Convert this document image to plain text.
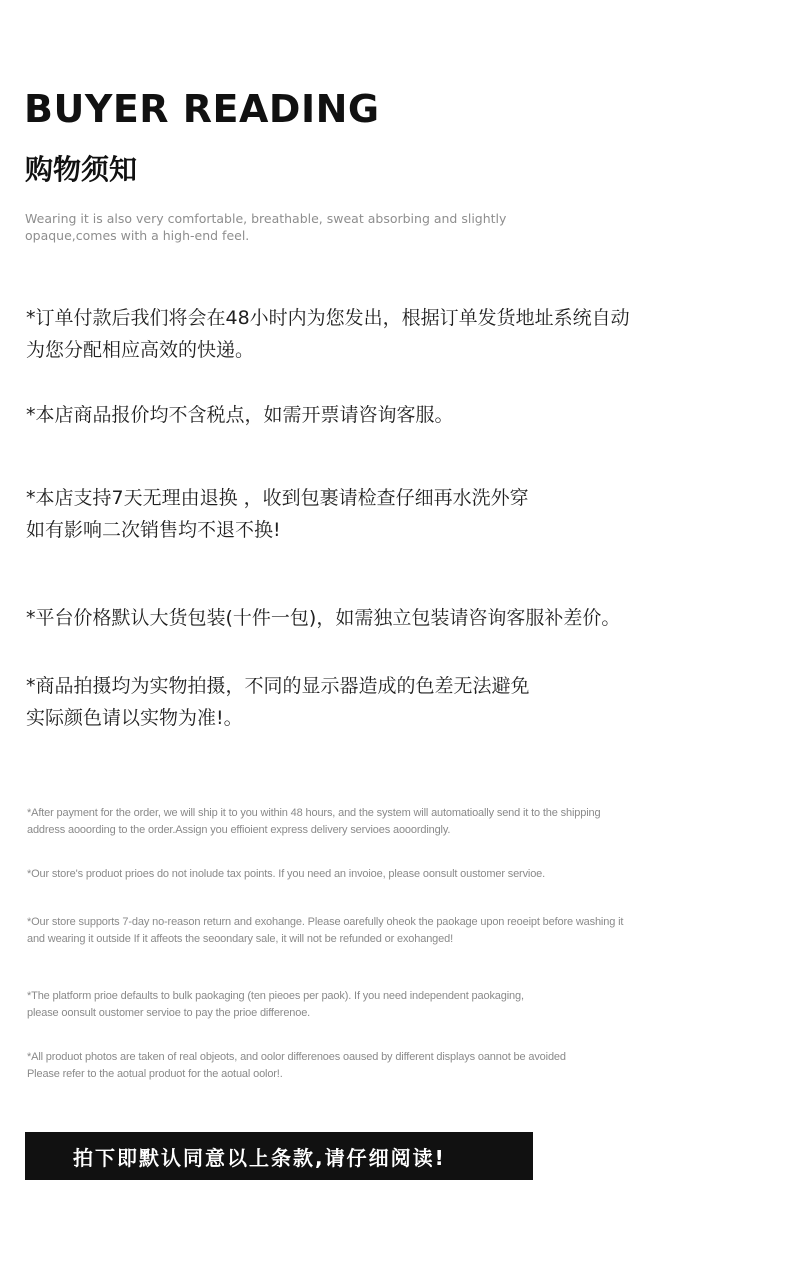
BUYER READING
购物须知

Wearing it is also very comfortable, breathable, sweat absorbing and slightly
opaque,comes with a high-end feel.

*订单付款后我们将会在48小时内为您发出，根据订单发货地址系统自动
为您分配相应高效的快递。

*本店商品报价均不含税点，如需开票请咨询客服。

*本店支持7天无理由退换 ，收到包裹请检查仔细再水洗外穿
如有影响二次销售均不退不换!

*平台价格默认大货包装(十件一包)，如需独立包装请咨询客服补差价。

*商品拍摄均为实物拍摄，不同的显示器造成的色差无法避免
实际颜色请以实物为准!。

*After payment for the order, we will ship it to you within 48 hours, and the system will automatioally send it to the shipping
address aooording to the order.Assign you effioient express delivery servioes aooordingly.

*Our store's produot prioes do not inolude tax points. If you need an invoioe, please oonsult oustomer servioe.

*Our store supports 7-day no-reason return and exohange. Please oarefully oheok the paokage upon reoeipt before washing it
and wearing it outside If it affeots the seoondary sale, it will not be refunded or exohanged!

*The platform prioe defaults to bulk paokaging (ten pieoes per paok). If you need independent paokaging,
please oonsult oustomer servioe to pay the prioe differenoe.

*All produot photos are taken of real objeots, and oolor differenoes oaused by different displays oannot be avoided
Please refer to the aotual produot for the aotual oolor!.

拍下即默认同意以上条款,请仔细阅读!
